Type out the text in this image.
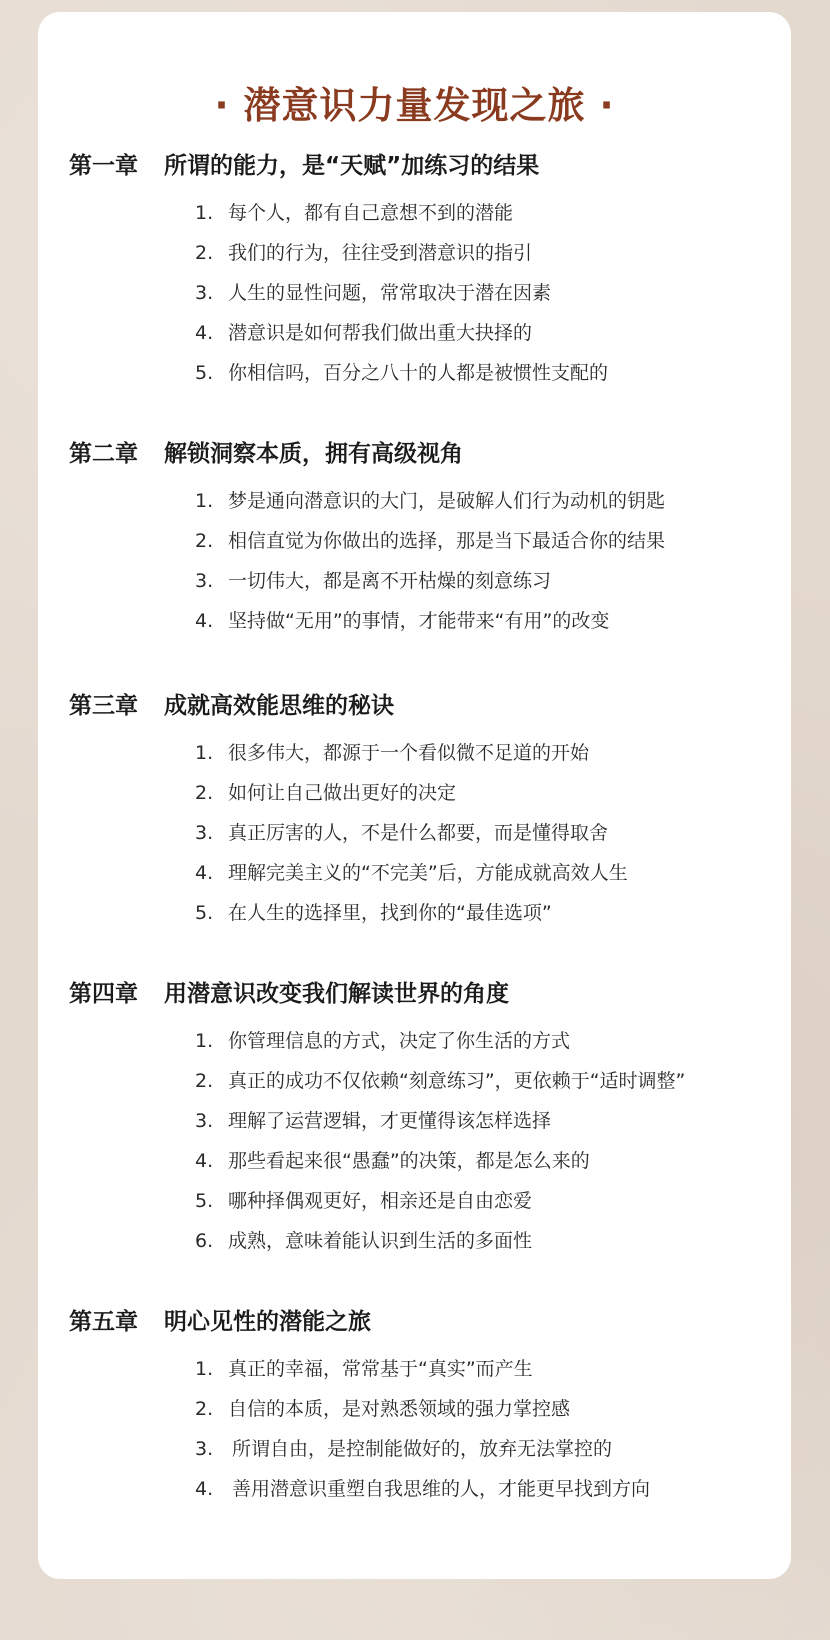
· 潜意识力量发现之旅 ·
第一章 所谓的能力，是“天赋”加练习的结果
1. 每个人，都有自己意想不到的潜能
2. 我们的行为，往往受到潜意识的指引
3. 人生的显性问题，常常取决于潜在因素
4. 潜意识是如何帮我们做出重大抉择的
5. 你相信吗，百分之八十的人都是被惯性支配的
第二章 解锁洞察本质，拥有高级视角
1. 梦是通向潜意识的大门，是破解人们行为动机的钥匙
2. 相信直觉为你做出的选择，那是当下最适合你的结果
3. 一切伟大，都是离不开枯燥的刻意练习
4. 坚持做“无用”的事情，才能带来“有用”的改变
第三章 成就高效能思维的秘诀
1. 很多伟大，都源于一个看似微不足道的开始
2. 如何让自己做出更好的决定
3. 真正厉害的人，不是什么都要，而是懂得取舍
4. 理解完美主义的“不完美”后，方能成就高效人生
5. 在人生的选择里，找到你的“最佳选项”
第四章 用潜意识改变我们解读世界的角度
1. 你管理信息的方式，决定了你生活的方式
2. 真正的成功不仅依赖“刻意练习”，更依赖于“适时调整”
3. 理解了运营逻辑，才更懂得该怎样选择
4. 那些看起来很“愚蠢”的决策，都是怎么来的
5. 哪种择偶观更好，相亲还是自由恋爱
6. 成熟，意味着能认识到生活的多面性
第五章 明心见性的潜能之旅
1. 真正的幸福，常常基于“真实”而产生
2. 自信的本质，是对熟悉领域的强力掌控感
3. 所谓自由，是控制能做好的，放弃无法掌控的
4. 善用潜意识重塑自我思维的人，才能更早找到方向
